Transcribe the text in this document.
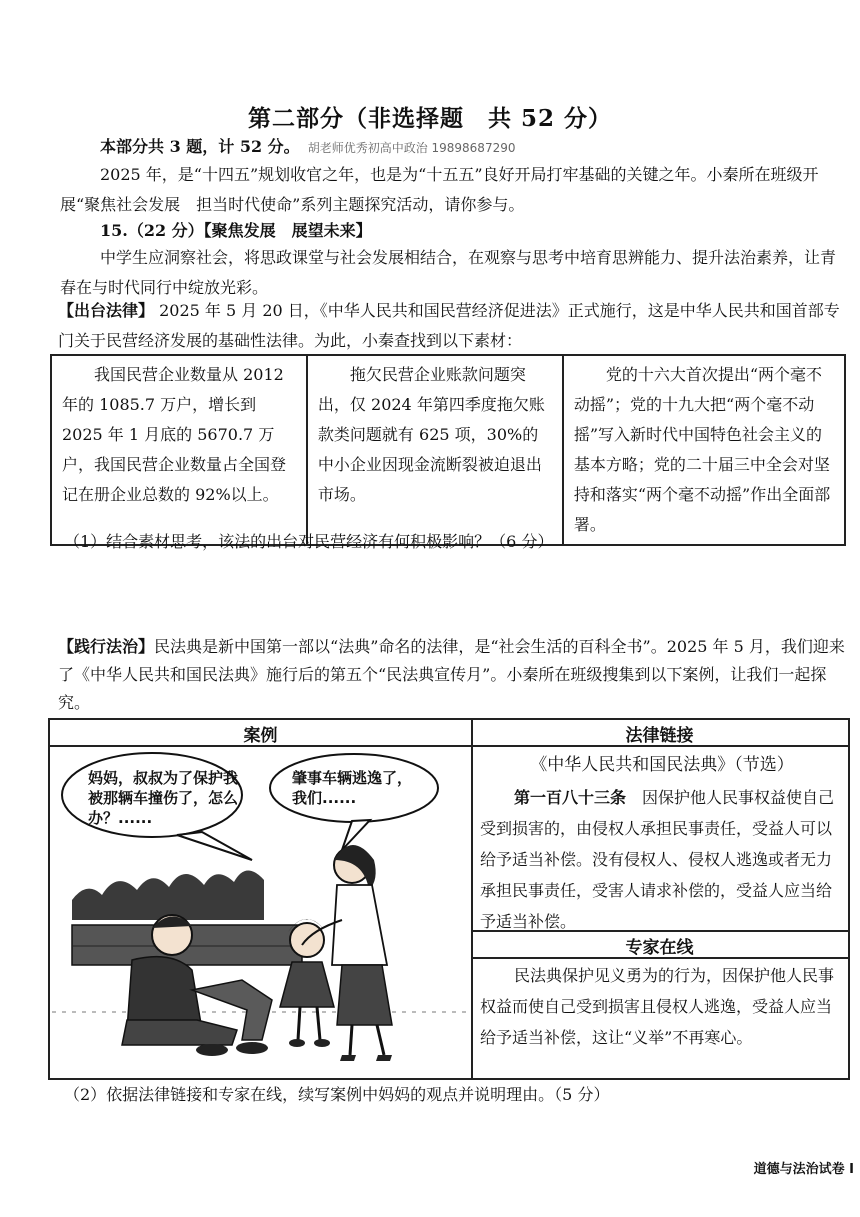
第二部分（非选择题　共 52 分）
本部分共 3 题，计 52 分。 胡老师优秀初高中政治 19898687290
2025 年，是“十四五”规划收官之年，也是为“十五五”良好开局打牢基础的关键之年。小秦所在班级开展“聚焦社会发展　担当时代使命”系列主题探究活动，请你参与。
15.（22 分）【聚焦发展　展望未来】
中学生应洞察社会，将思政课堂与社会发展相结合，在观察与思考中培育思辨能力、提升法治素养，让青春在与时代同行中绽放光彩。
【出台法律】 2025 年 5 月 20 日，《中华人民共和国民营经济促进法》正式施行，这是中华人民共和国首部专门关于民营经济发展的基础性法律。为此，小秦查找到以下素材：
我国民营企业数量从 2012 年的 1085.7 万户，增长到 2025 年 1 月底的 5670.7 万户，我国民营企业数量占全国登记在册企业总数的 92%以上。	拖欠民营企业账款问题突出，仅 2024 年第四季度拖欠账款类问题就有 625 项，30%的中小企业因现金流断裂被迫退出市场。	党的十六大首次提出“两个毫不动摇”；党的十九大把“两个毫不动摇”写入新时代中国特色社会主义的基本方略；党的二十届三中全会对坚持和落实“两个毫不动摇”作出全面部署。
（1）结合素材思考，该法的出台对民营经济有何积极影响？（6 分）
【践行法治】民法典是新中国第一部以“法典”命名的法律，是“社会生活的百科全书”。2025 年 5 月，我们迎来了《中华人民共和国民法典》施行后的第五个“民法典宣传月”。小秦所在班级搜集到以下案例，让我们一起探究。
案例	法律链接
妈妈，叔叔为了保护我被那辆车撞伤了，怎么办？......
肇事车辆逃逸了，我们......
《中华人民共和国民法典》（节选）
第一百八十三条　 因保护他人民事权益使自己受到损害的，由侵权人承担民事责任，受益人可以给予适当补偿。没有侵权人、侵权人逃逸或者无力承担民事责任，受害人请求补偿的，受益人应当给予适当补偿。
专家在线
民法典保护见义勇为的行为，因保护他人民事权益而使自己受到损害且侵权人逃逸，受益人应当给予适当补偿，这让“义举”不再寒心。
（2）依据法律链接和专家在线，续写案例中妈妈的观点并说明理由。（5 分）
道德与法治试卷 I
